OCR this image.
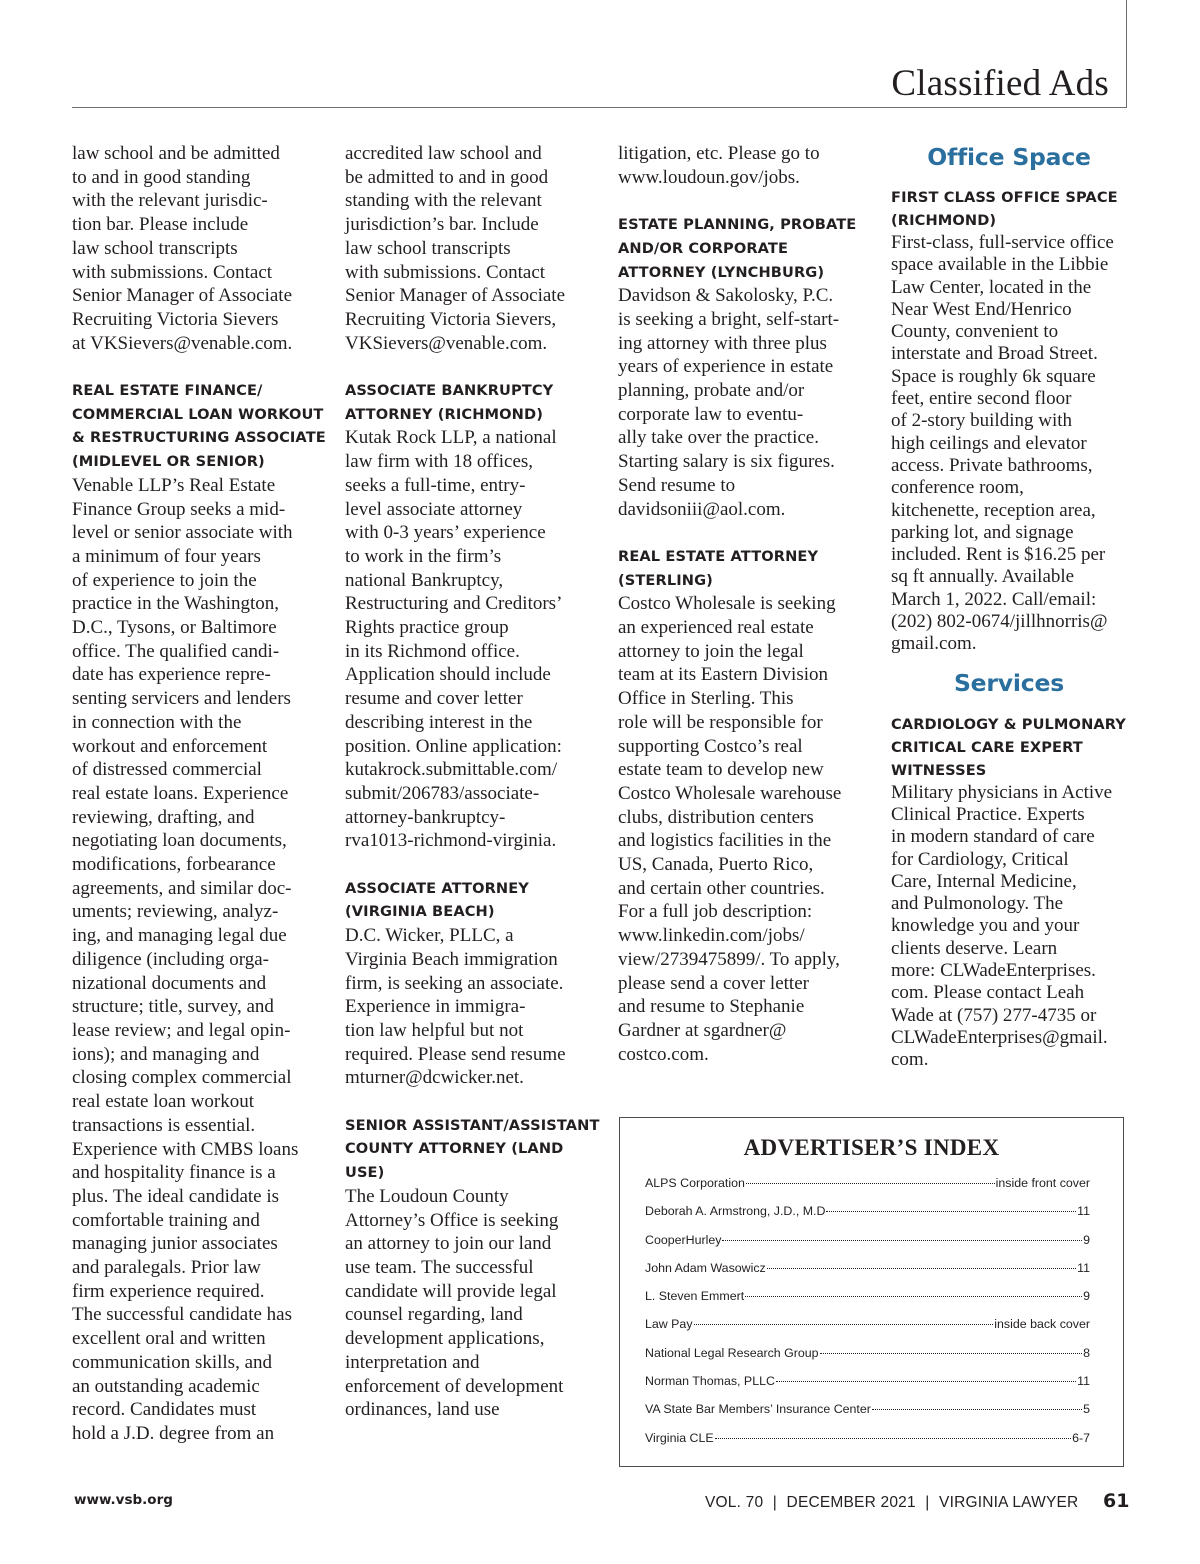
Classified Ads
law school and be admitted
to and in good standing
with the relevant jurisdic-
tion bar. Please include
law school transcripts
with submissions. Contact
Senior Manager of Associate
Recruiting Victoria Sievers
at VKSievers@venable.com.
REAL ESTATE FINANCE/
COMMERCIAL LOAN WORKOUT
& RESTRUCTURING ASSOCIATE
(MIDLEVEL OR SENIOR)
Venable LLP’s Real Estate
Finance Group seeks a mid-
level or senior associate with
a minimum of four years
of experience to join the
practice in the Washington,
D.C., Tysons, or Baltimore
office. The qualified candi-
date has experience repre-
senting servicers and lenders
in connection with the
workout and enforcement
of distressed commercial
real estate loans. Experience
reviewing, drafting, and
negotiating loan documents,
modifications, forbearance
agreements, and similar doc-
uments; reviewing, analyz-
ing, and managing legal due
diligence (including orga-
nizational documents and
structure; title, survey, and
lease review; and legal opin-
ions); and managing and
closing complex commercial
real estate loan workout
transactions is essential.
Experience with CMBS loans
and hospitality finance is a
plus. The ideal candidate is
comfortable training and
managing junior associates
and paralegals. Prior law
firm experience required.
The successful candidate has
excellent oral and written
communication skills, and
an outstanding academic
record. Candidates must
hold a J.D. degree from an
accredited law school and
be admitted to and in good
standing with the relevant
jurisdiction’s bar. Include
law school transcripts
with submissions. Contact
Senior Manager of Associate
Recruiting Victoria Sievers,
VKSievers@venable.com.
ASSOCIATE BANKRUPTCY
ATTORNEY (RICHMOND)
Kutak Rock LLP, a national
law firm with 18 offices,
seeks a full-time, entry-
level associate attorney
with 0-3 years’ experience
to work in the firm’s
national Bankruptcy,
Restructuring and Creditors’
Rights practice group
in its Richmond office.
Application should include
resume and cover letter
describing interest in the
position. Online application:
kutakrock.submittable.com/
submit/206783/associate-
attorney-bankruptcy-
rva1013-richmond-virginia.
ASSOCIATE ATTORNEY
(VIRGINIA BEACH)
D.C. Wicker, PLLC, a
Virginia Beach immigration
firm, is seeking an associate.
Experience in immigra-
tion law helpful but not
required. Please send resume
mturner@dcwicker.net.
SENIOR ASSISTANT/ASSISTANT
COUNTY ATTORNEY (LAND
USE)
The Loudoun County
Attorney’s Office is seeking
an attorney to join our land
use team. The successful
candidate will provide legal
counsel regarding, land
development applications,
interpretation and
enforcement of development
ordinances, land use
litigation, etc. Please go to
www.loudoun.gov/jobs.
ESTATE PLANNING, PROBATE
AND/OR CORPORATE
ATTORNEY (LYNCHBURG)
Davidson & Sakolosky, P.C.
is seeking a bright, self-start-
ing attorney with three plus
years of experience in estate
planning, probate and/or
corporate law to eventu-
ally take over the practice.
Starting salary is six figures.
Send resume to
davidsoniii@aol.com.
REAL ESTATE ATTORNEY
(STERLING)
Costco Wholesale is seeking
an experienced real estate
attorney to join the legal
team at its Eastern Division
Office in Sterling. This
role will be responsible for
supporting Costco’s real
estate team to develop new
Costco Wholesale warehouse
clubs, distribution centers
and logistics facilities in the
US, Canada, Puerto Rico,
and certain other countries.
For a full job description:
www.linkedin.com/jobs/
view/2739475899/. To apply,
please send a cover letter
and resume to Stephanie
Gardner at sgardner@
costco.com.
Office Space
FIRST CLASS OFFICE SPACE
(RICHMOND)
First-class, full-service office
space available in the Libbie
Law Center, located in the
Near West End/Henrico
County, convenient to
interstate and Broad Street.
Space is roughly 6k square
feet, entire second floor
of 2-story building with
high ceilings and elevator
access. Private bathrooms,
conference room,
kitchenette, reception area,
parking lot, and signage
included. Rent is $16.25 per
sq ft annually. Available
March 1, 2022. Call/email:
(202) 802-0674/jillhnorris@
gmail.com.
Services
CARDIOLOGY & PULMONARY
CRITICAL CARE EXPERT
WITNESSES
Military physicians in Active
Clinical Practice. Experts
in modern standard of care
for Cardiology, Critical
Care, Internal Medicine,
and Pulmonology. The
knowledge you and your
clients deserve. Learn
more: CLWadeEnterprises.
com. Please contact Leah
Wade at (757) 277-4735 or
CLWadeEnterprises@gmail.
com.
ADVERTISER’S INDEX
ALPS Corporation	inside front cover
Deborah A. Armstrong, J.D., M.D	11
CooperHurley	9
John Adam Wasowicz	11
L. Steven Emmert	9
Law Pay	inside back cover
National Legal Research Group	8
Norman Thomas, PLLC	11
VA State Bar Members’ Insurance Center	5
Virginia CLE	6-7
www.vsb.org	VOL. 70 | DECEMBER 2021 | VIRGINIA LAWYER 61
